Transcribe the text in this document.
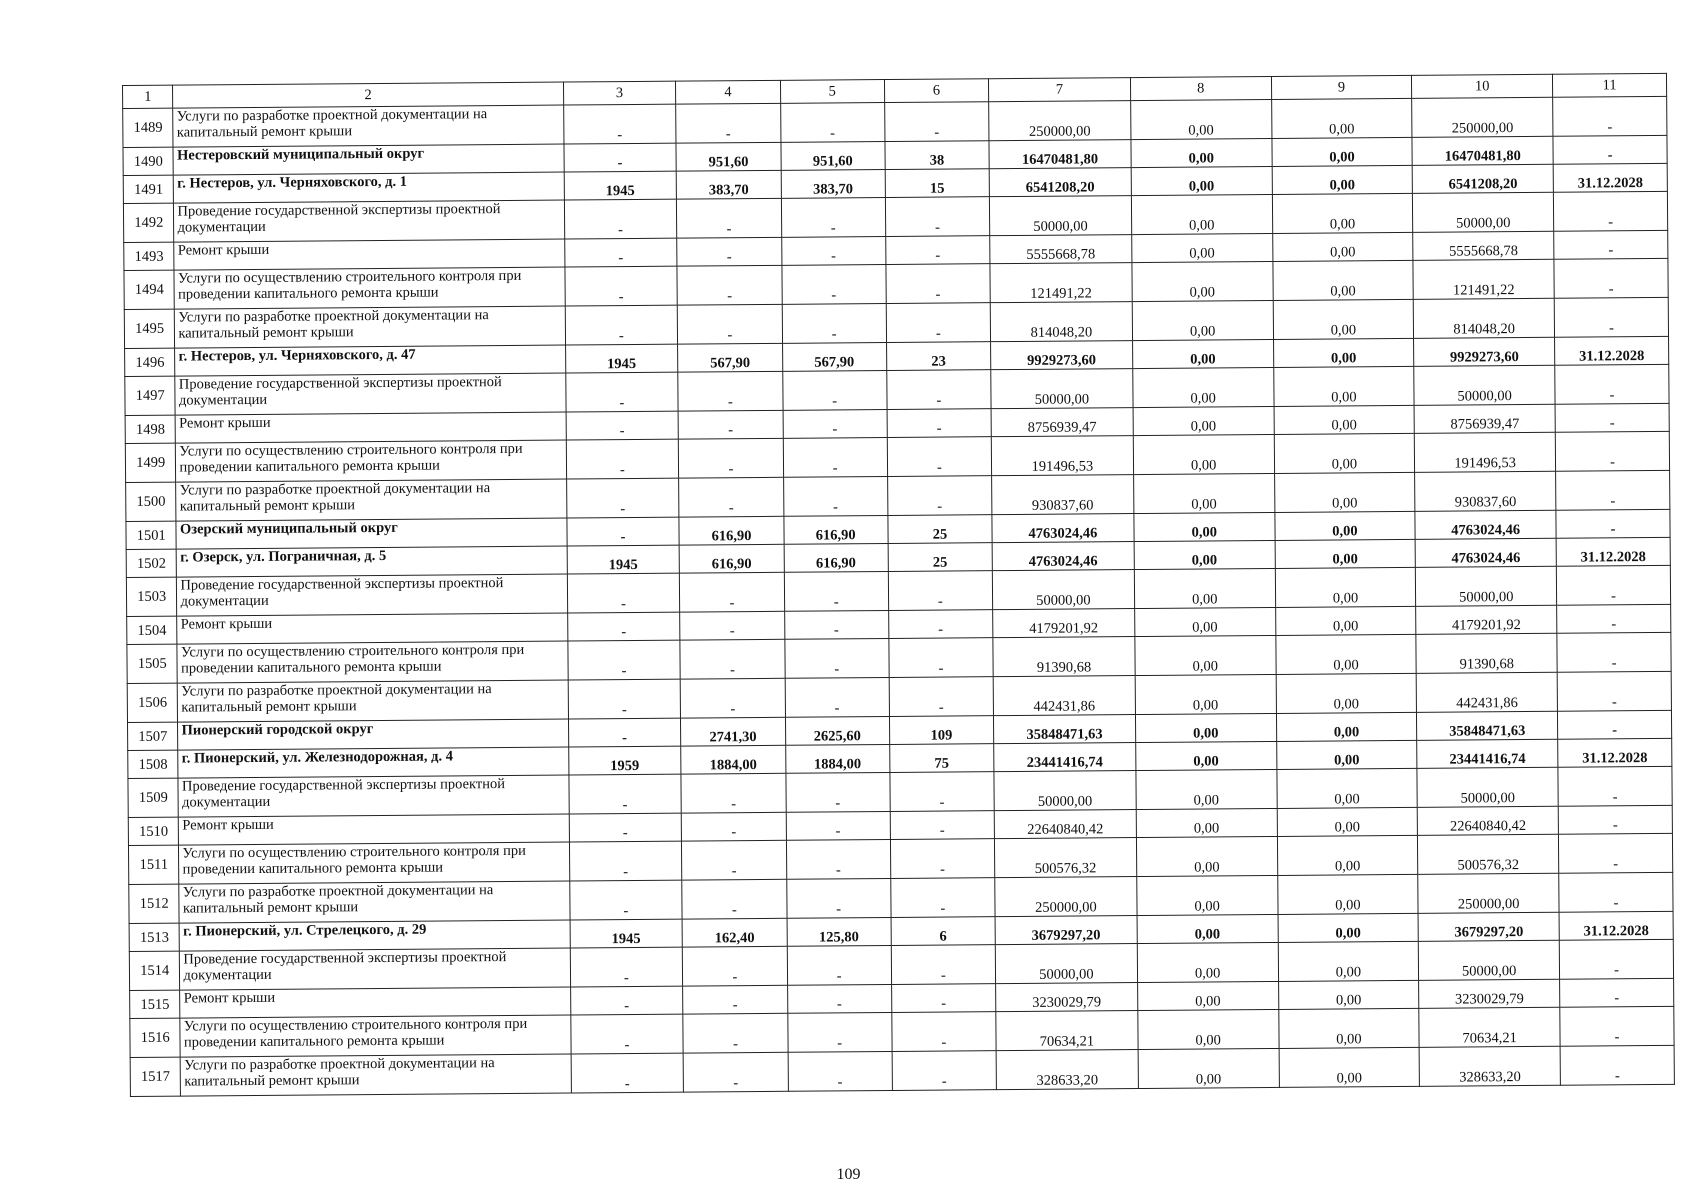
1	2	3	4	5	6	7	8	9	10	11
1489	Услуги по разработке проектной документации на капитальный ремонт крыши	-	-	-	-	250000,00	0,00	0,00	250000,00	-
1490	Нестеровский муниципальный округ	-	951,60	951,60	38	16470481,80	0,00	0,00	16470481,80	-
1491	г. Нестеров, ул. Черняховского, д. 1	1945	383,70	383,70	15	6541208,20	0,00	0,00	6541208,20	31.12.2028
1492	Проведение государственной экспертизы проектной документации	-	-	-	-	50000,00	0,00	0,00	50000,00	-
1493	Ремонт крыши	-	-	-	-	5555668,78	0,00	0,00	5555668,78	-
1494	Услуги по осуществлению строительного контроля при проведении капитального ремонта крыши	-	-	-	-	121491,22	0,00	0,00	121491,22	-
1495	Услуги по разработке проектной документации на капитальный ремонт крыши	-	-	-	-	814048,20	0,00	0,00	814048,20	-
1496	г. Нестеров, ул. Черняховского, д. 47	1945	567,90	567,90	23	9929273,60	0,00	0,00	9929273,60	31.12.2028
1497	Проведение государственной экспертизы проектной документации	-	-	-	-	50000,00	0,00	0,00	50000,00	-
1498	Ремонт крыши	-	-	-	-	8756939,47	0,00	0,00	8756939,47	-
1499	Услуги по осуществлению строительного контроля при проведении капитального ремонта крыши	-	-	-	-	191496,53	0,00	0,00	191496,53	-
1500	Услуги по разработке проектной документации на капитальный ремонт крыши	-	-	-	-	930837,60	0,00	0,00	930837,60	-
1501	Озерский муниципальный округ	-	616,90	616,90	25	4763024,46	0,00	0,00	4763024,46	-
1502	г. Озерск, ул. Пограничная, д. 5	1945	616,90	616,90	25	4763024,46	0,00	0,00	4763024,46	31.12.2028
1503	Проведение государственной экспертизы проектной документации	-	-	-	-	50000,00	0,00	0,00	50000,00	-
1504	Ремонт крыши	-	-	-	-	4179201,92	0,00	0,00	4179201,92	-
1505	Услуги по осуществлению строительного контроля при проведении капитального ремонта крыши	-	-	-	-	91390,68	0,00	0,00	91390,68	-
1506	Услуги по разработке проектной документации на капитальный ремонт крыши	-	-	-	-	442431,86	0,00	0,00	442431,86	-
1507	Пионерский городской округ	-	2741,30	2625,60	109	35848471,63	0,00	0,00	35848471,63	-
1508	г. Пионерский, ул. Железнодорожная, д. 4	1959	1884,00	1884,00	75	23441416,74	0,00	0,00	23441416,74	31.12.2028
1509	Проведение государственной экспертизы проектной документации	-	-	-	-	50000,00	0,00	0,00	50000,00	-
1510	Ремонт крыши	-	-	-	-	22640840,42	0,00	0,00	22640840,42	-
1511	Услуги по осуществлению строительного контроля при проведении капитального ремонта крыши	-	-	-	-	500576,32	0,00	0,00	500576,32	-
1512	Услуги по разработке проектной документации на капитальный ремонт крыши	-	-	-	-	250000,00	0,00	0,00	250000,00	-
1513	г. Пионерский, ул. Стрелецкого, д. 29	1945	162,40	125,80	6	3679297,20	0,00	0,00	3679297,20	31.12.2028
1514	Проведение государственной экспертизы проектной документации	-	-	-	-	50000,00	0,00	0,00	50000,00	-
1515	Ремонт крыши	-	-	-	-	3230029,79	0,00	0,00	3230029,79	-
1516	Услуги по осуществлению строительного контроля при проведении капитального ремонта крыши	-	-	-	-	70634,21	0,00	0,00	70634,21	-
1517	Услуги по разработке проектной документации на капитальный ремонт крыши	-	-	-	-	328633,20	0,00	0,00	328633,20	-
109
